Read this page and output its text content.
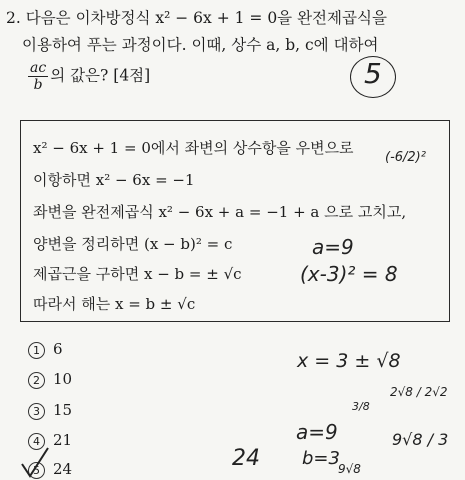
2. 다음은 이차방정식 x² − 6x + 1 = 0을 완전제곱식을
이용하여 푸는 과정이다. 이때, 상수 a, b, c에 대하여
$\frac{ac}{b}$ 의 값은? [4점]	5
x² − 6x + 1 = 0에서 좌변의 상수항을 우변으로
이항하면 x² − 6x = −1
좌변을 완전제곱식 x² − 6x + a = −1 + a 으로 고치고,
양변을 정리하면 (x − b)² = c
제곱근을 구하면 x − b = ± √c
따라서 해는 x = b ± √c
(-6/2)²
a=9
(x-3)² = 8
1 6
2 10
3 15
4 21
5 24
x = 3 ± √8
2√8 / 2√2
a=9
b=3
3/8
24
9√8 / 3
9√8
